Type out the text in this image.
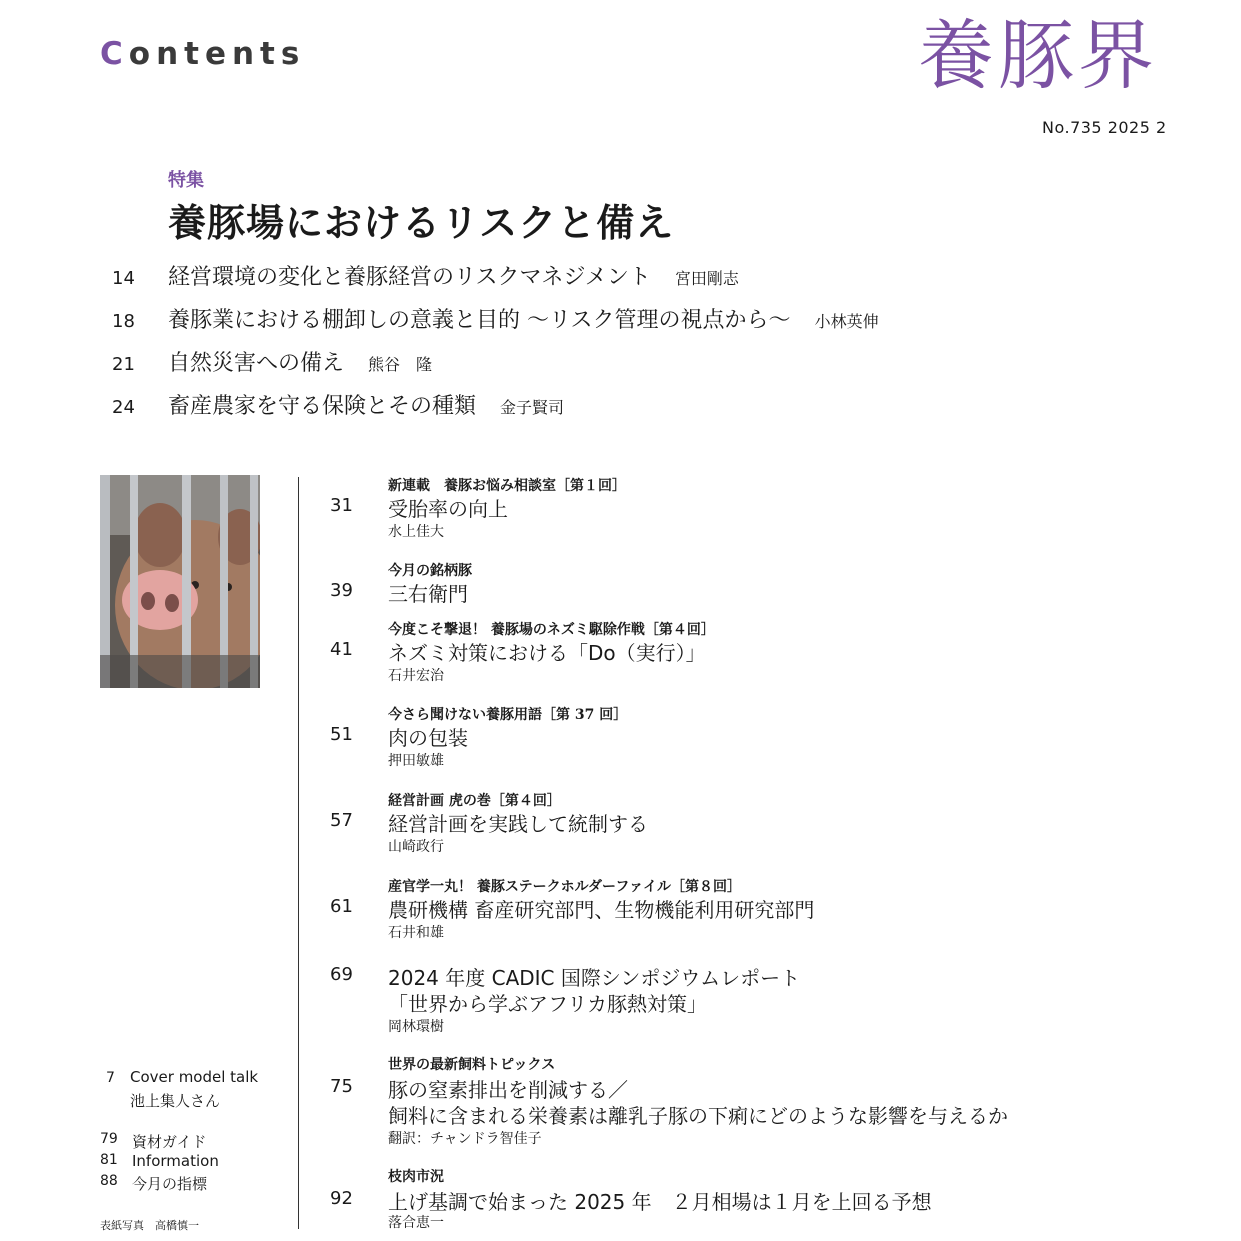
Contents	養豚界
No.735 2025 2
特集
養豚場におけるリスクと備え
14	経営環境の変化と養豚経営のリスクマネジメント 宮田剛志
18	養豚業における棚卸しの意義と目的 〜リスク管理の視点から〜 小林英伸
21	自然災害への備え 熊谷　隆
24	畜産農家を守る保険とその種類 金子賢司
7 Cover model talk
池上集人さん
79 資材ガイド
81 Information
88 今月の指標
表紙写真　高橋慎一
新連載　養豚お悩み相談室［第１回］
31 受胎率の向上
水上佳大
今月の銘柄豚
39 三右衛門
今度こそ撃退！ 養豚場のネズミ駆除作戦［第４回］
41 ネズミ対策における「Do（実行）」
石井宏治
今さら聞けない養豚用語［第 37 回］
51 肉の包装
押田敏雄
経営計画 虎の巻［第４回］
57 経営計画を実践して統制する
山崎政行
産官学一丸！ 養豚ステークホルダーファイル［第８回］
61 農研機構 畜産研究部門、生物機能利用研究部門
石井和雄
69 2024 年度 CADIC 国際シンポジウムレポート
「世界から学ぶアフリカ豚熱対策」
岡林環樹
世界の最新飼料トピックス
75 豚の窒素排出を削減する／
飼料に含まれる栄養素は離乳子豚の下痢にどのような影響を与えるか
翻訳：チャンドラ智佳子
枝肉市況
92 上げ基調で始まった 2025 年　２月相場は１月を上回る予想
落合恵一
